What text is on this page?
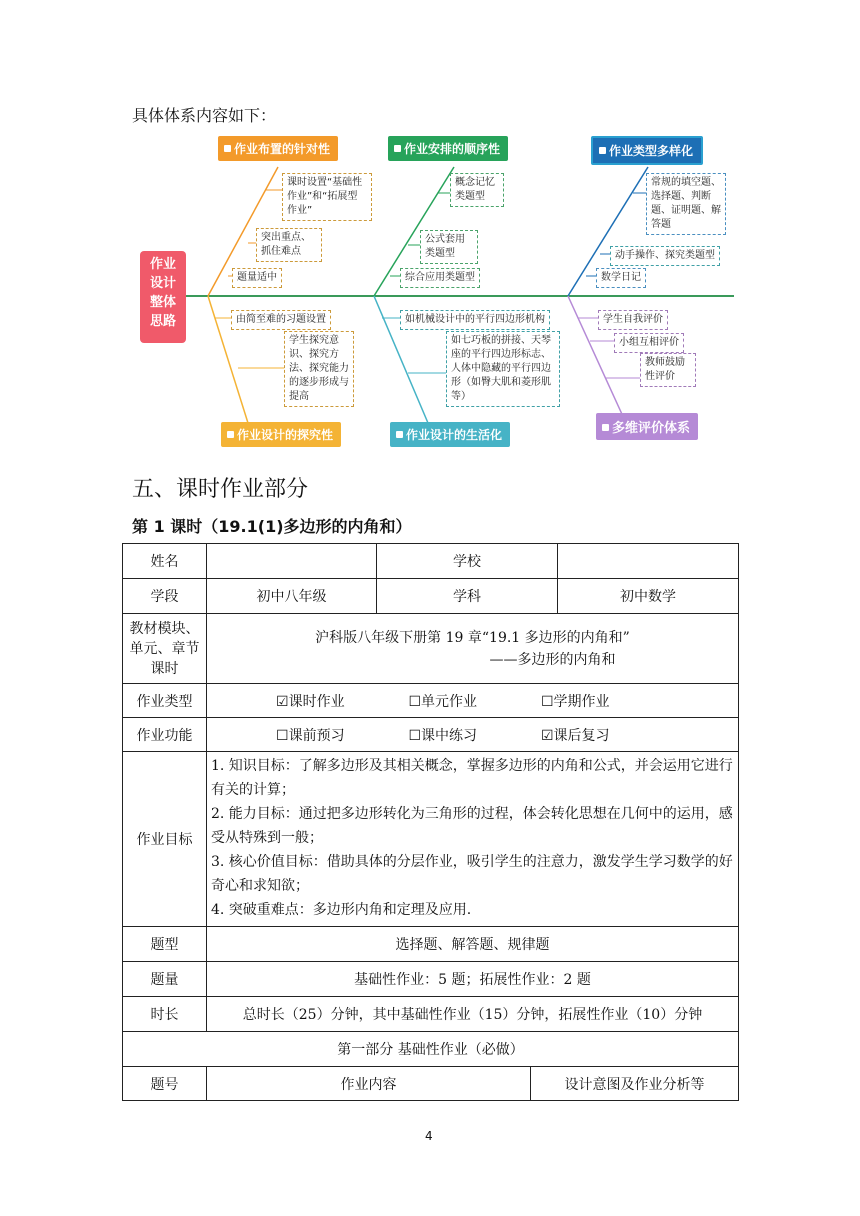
具体体系内容如下：
作业
设计
整体
思路
作业布置的针对性	作业安排的顺序性	作业类型多样化
作业设计的探究性	作业设计的生活化	多维评价体系
课时设置“基础性作业”和“拓展型作业”
突出重点、抓住难点
题量适中
概念记忆类题型
公式套用类题型
综合应用类题型
常规的填空题、选择题、判断题、证明题、解答题
动手操作、探究类题型
数学日记
由简至难的习题设置
学生探究意识、探究方法、探究能力的逐步形成与提高
如机械设计中的平行四边形机构
如七巧板的拼接、天琴座的平行四边形标志、人体中隐藏的平行四边形（如臀大肌和菱形肌等）
学生自我评价
小组互相评价
教师鼓励性评价
五、课时作业部分
第 1 课时（19.1(1)多边形的内角和）
姓名		学校		
学段	初中八年级	学科		初中数学
教材模块、单元、章节课时	沪科版八年级下册第 19 章“19.1 多边形的内角和”
——多边形的内角和			

作业类型	☑课时作业 ☐单元作业 ☐学期作业			
作业功能	☐课前预习 ☐课中练习 ☑课后复习			
作业目标	1. 知识目标：了解多边形及其相关概念，掌握多边形的内角和公式，并会运用它进行有关的计算；
2. 能力目标：通过把多边形转化为三角形的过程，体会转化思想在几何中的运用，感受从特殊到一般；
3. 核心价值目标：借助具体的分层作业，吸引学生的注意力，激发学生学习数学的好奇心和求知欲；
4. 突破重难点：多边形内角和定理及应用.			

题型	选择题、解答题、规律题			
题量	基础性作业：5 题；拓展性作业：2 题			
时长	总时长（25）分钟，其中基础性作业（15）分钟，拓展性作业（10）分钟			
第一部分 基础性作业（必做）				
题号	作业内容		设计意图及作业分析等	
4
